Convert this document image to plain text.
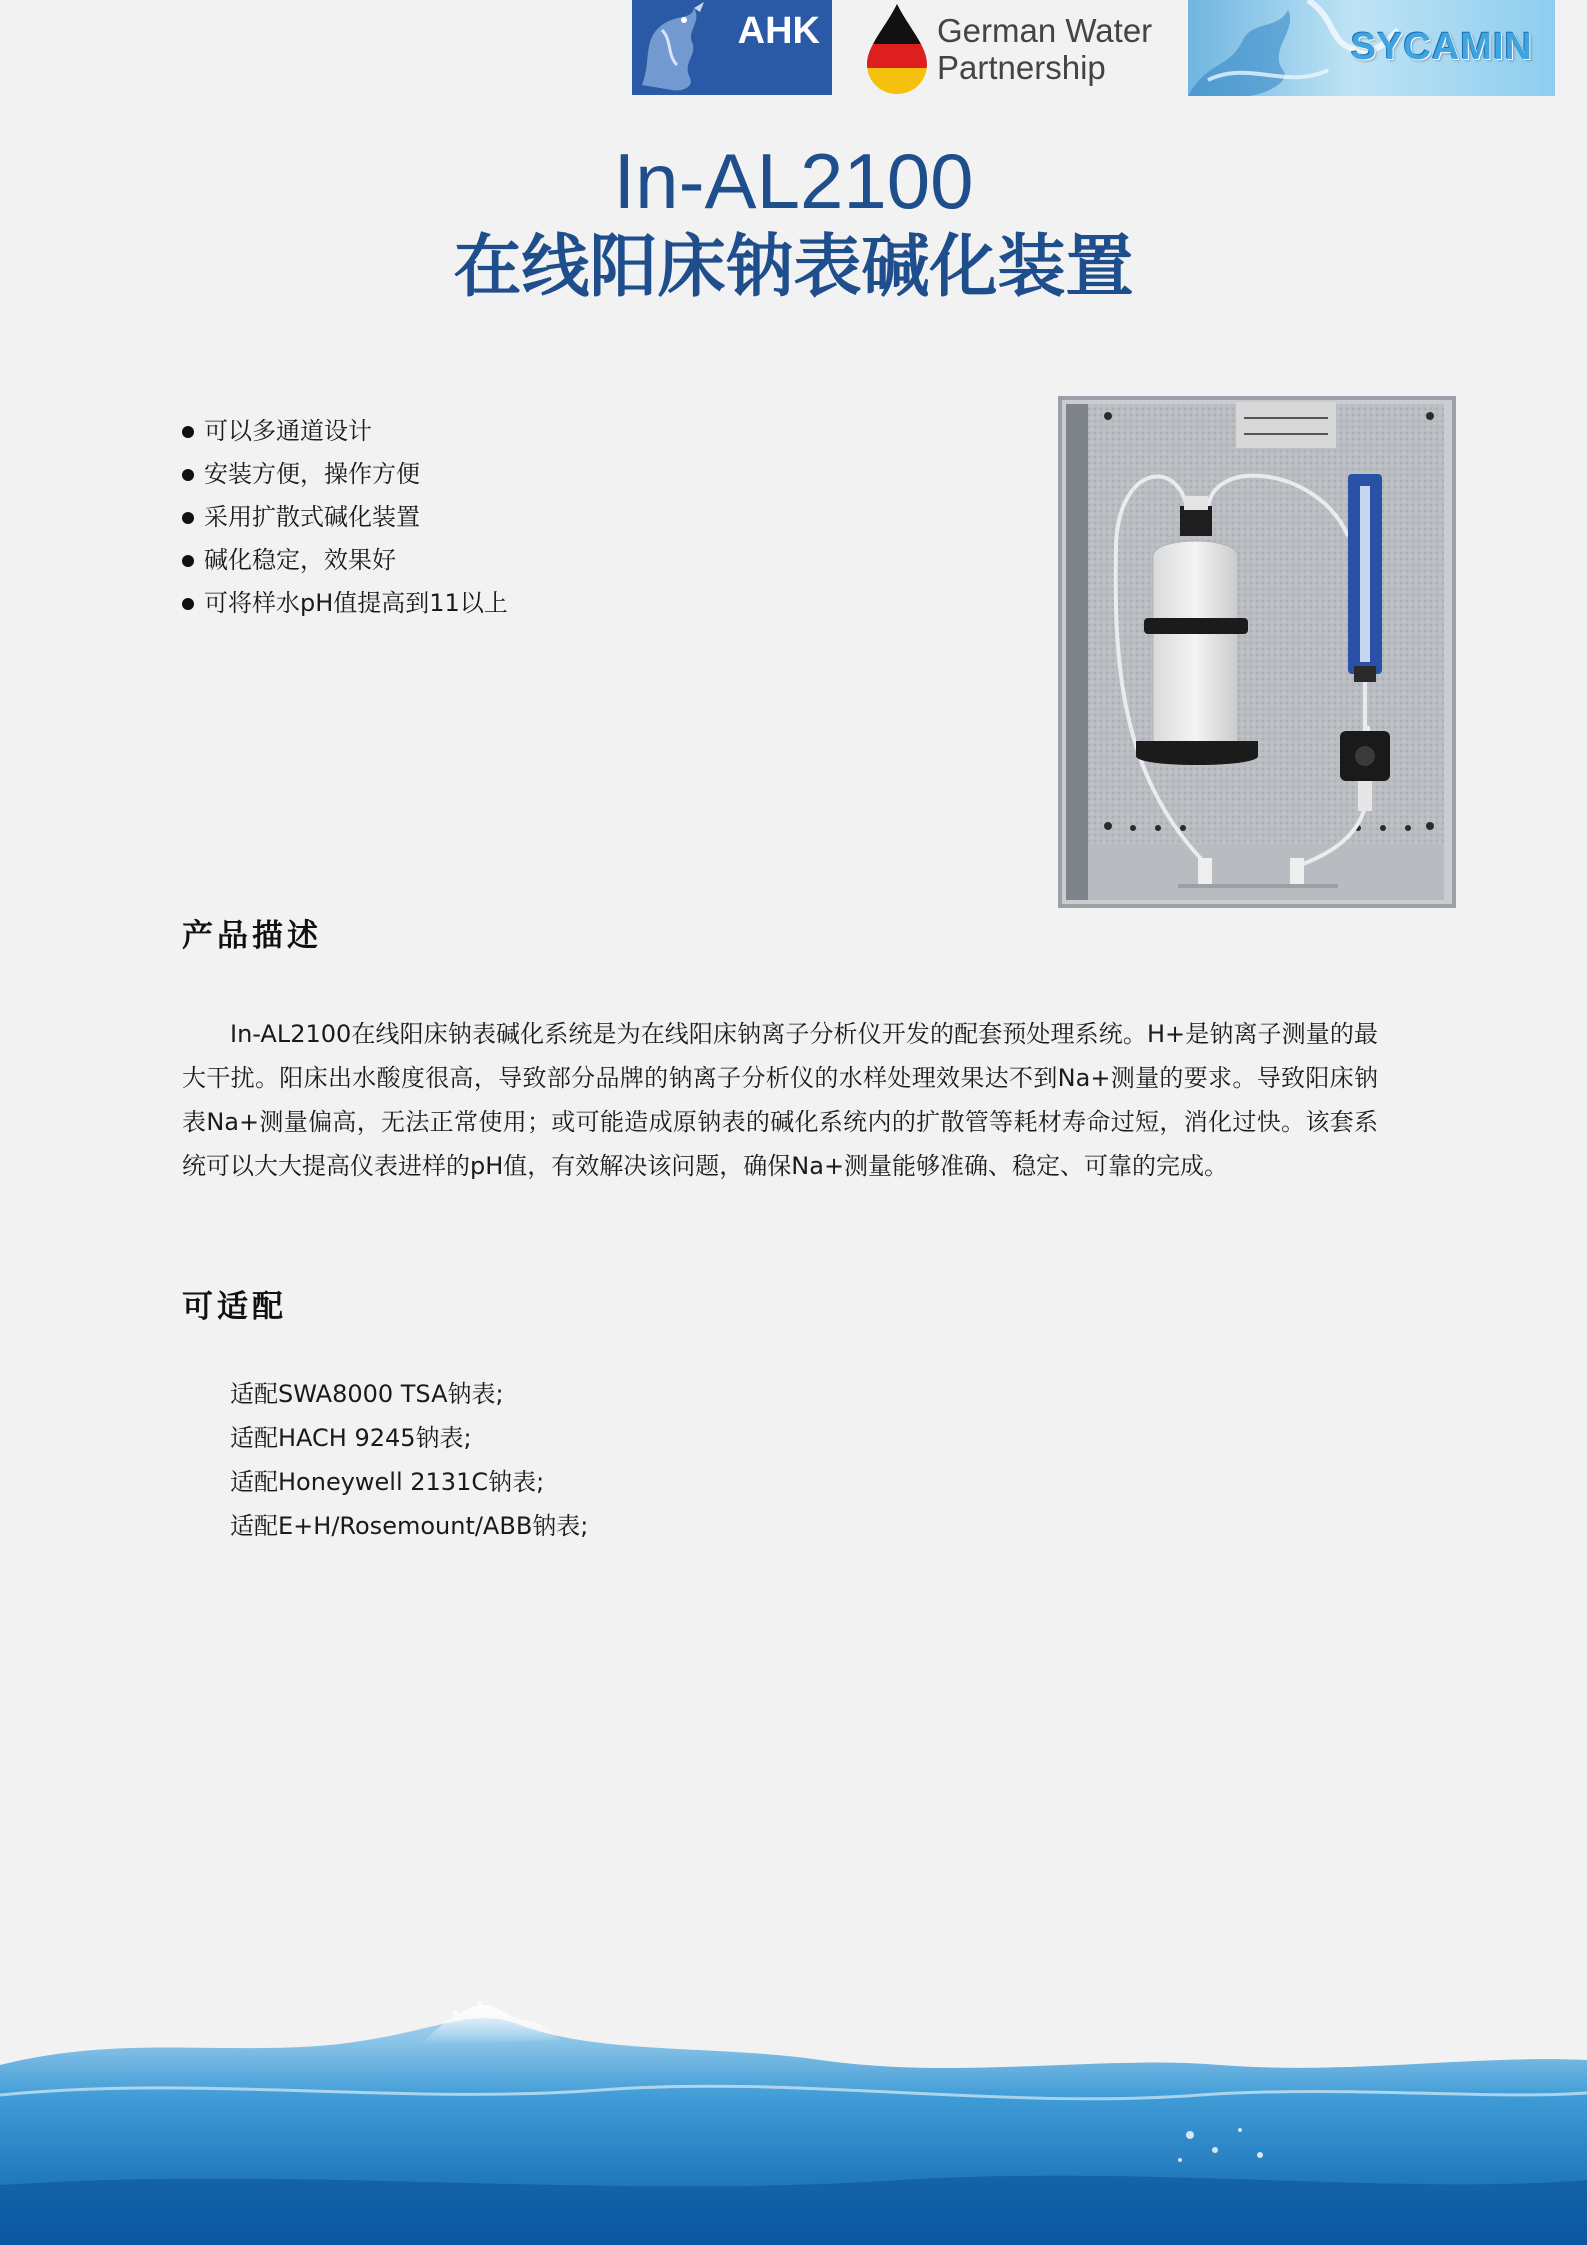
AHK	German Water
Partnership	SYCAMIN
In-AL2100
在线阳床钠表碱化装置
可以多通道设计
安装方便，操作方便
采用扩散式碱化装置
碱化稳定，效果好
可将样水pH值提高到11以上
产品描述

In-AL2100在线阳床钠表碱化系统是为在线阳床钠离子分析仪开发的配套预处理系统。H+是钠离子测量的最大干扰。阳床出水酸度很高，导致部分品牌的钠离子分析仪的水样处理效果达不到Na+测量的要求。导致阳床钠表Na+测量偏高，无法正常使用；或可能造成原钠表的碱化系统内的扩散管等耗材寿命过短，消化过快。该套系统可以大大提高仪表进样的pH值，有效解决该问题，确保Na+测量能够准确、稳定、可靠的完成。

可适配
适配SWA8000 TSA钠表;
适配HACH 9245钠表;
适配Honeywell 2131C钠表;
适配E+H/Rosemount/ABB钠表;
